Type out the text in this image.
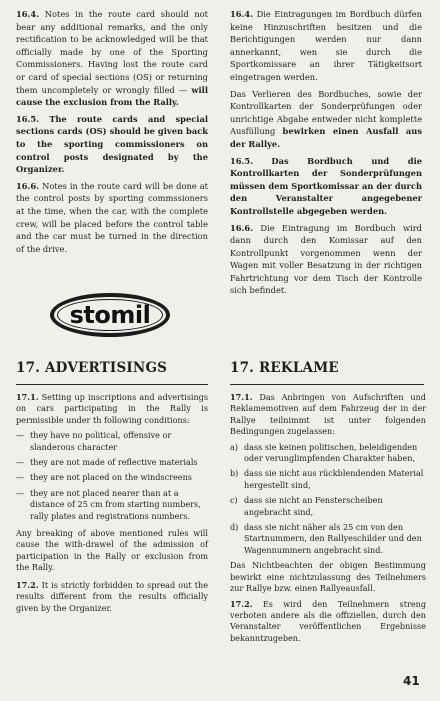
16.4. Notes in the route card should not bear any additional remarks, and the only rectification to be acknowledged will be that officially made by one of the Sporting Commissioners. Having lost the route card or card of special sections (OS) or returning them uncompletely or wrongly filled — will cause the exclusion from the Rally.

16.5. The route cards and special sections cards (OS) should be given back to the sporting commissioners on control posts designated by the Organizer.

16.6. Notes in the route card will be done at the control posts by sporting commssioners at the time, when the car, with the complete crew, will be placed before the control table and the car must be turned in the direction of the drive.

stomil

16.4. Die Eintragungen im Bordbuch dürfen keine Hinzuschriften besitzen und die Berichtigungen werden nur dann annerkannt, wen sie durch die Sportkomissare an ihrer Tätigkeitsort eingetragen werden.

Das Verlieren des Bordbuches, sowie der Kontrollkarten der Sonderprüfungen oder unrichtige Abgabe entweder nicht komplette Ausfüllung bewirken einen Ausfall aus der Rallye.

16.5. Das Bordbuch und die Kontrollkarten der Sonderprüfungen müssen dem Sportkomissar an der durch den Veranstalter angegebener Kontrollstelle abgegeben werden.

16.6. Die Eintragung im Bordbuch wird dann durch den Komissar auf den Kontrollpunkt vorgenommen wenn der Wagen mit voller Besatzung in der richtigen Fahrtrichtung vor dem Tisch der Kontrolle sich befindet.

17. ADVERTISINGS	17. REKLAME

17.1. Setting up inscriptions and advertisings on cars participating in the Rally is permissible under th following conditions:

— they have no political, offensive or slanderous character
— they are not made of reflective materials
— they are not placed on the windscreens
— they are not placed nearer than at a distance of 25 cm from starting numbers, rally plates and registrations numbers.

Any breaking of above mentioned rules will cause the with-drawel of the admission of participation in the Rally or exclusion from the Rally.

17.2. It is strictly forbidden to spread out the results different from the results officially given by the Organizer.

17.1. Das Anbringen von Aufschriften und Reklamemotiven auf dem Fahrzeug der in der Rallye teilnimmt ist unter folgenden Bedingungen zugelassen:

a) dass sie keinen politischen, beleidigenden oder verunglimpfenden Charakter haben,
b) dass sie nicht aus rückblendenden Material hergestellt sind,
c) dass sie nicht an Fensterscheiben angebracht sind,
d) dass sie nicht näher als 25 cm von den Startnummern, den Rallyeschilder und den Wagennummern angebracht sind.

Das Nichtbeachten der obigen Bestimmung bewirkt eine nichtzulassung des Teilnehmers zur Rallye bzw. einen Rallyeausfall.

17.2. Es wird den Teilnehmern streng verboten andere als die offiziellen, durch den Veranstalter veröffentlichen Ergebnisse bekanntzugeben.

41
